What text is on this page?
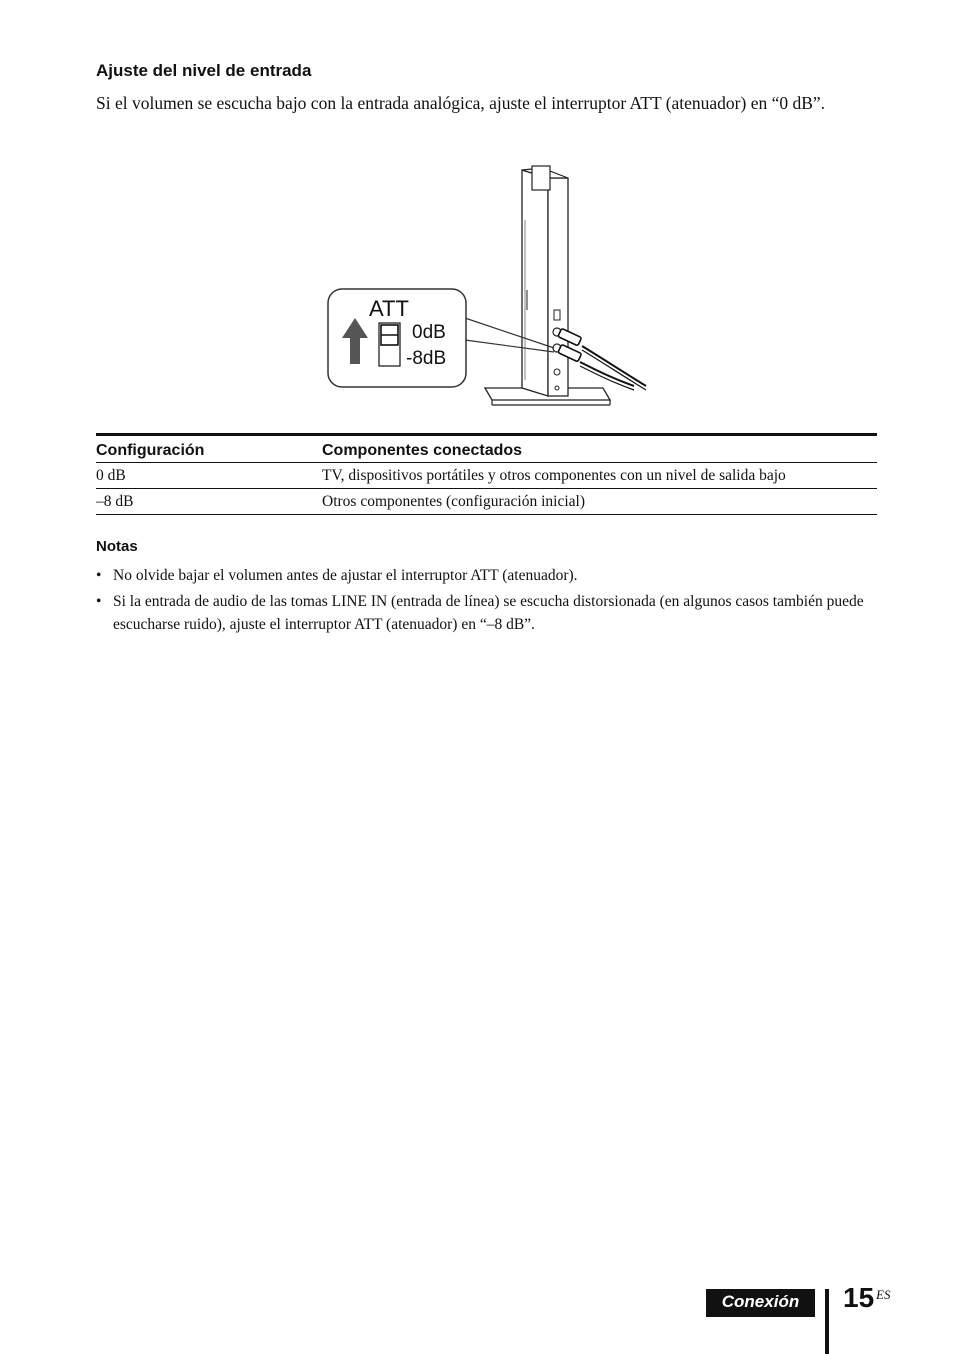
Ajuste del nivel de entrada
Si el volumen se escucha bajo con la entrada analógica, ajuste el interruptor ATT (atenuador) en “0 dB”.
ATT
0dB
-8dB
Configuración	Componentes conectados
0 dB	TV, dispositivos portátiles y otros componentes con un nivel de salida bajo
–8 dB	Otros componentes (configuración inicial)
Notas
• No olvide bajar el volumen antes de ajustar el interruptor ATT (atenuador).
• Si la entrada de audio de las tomas LINE IN (entrada de línea) se escucha distorsionada (en algunos casos también puede escucharse ruido), ajuste el interruptor ATT (atenuador) en “–8 dB”.
Conexión	15 ES
